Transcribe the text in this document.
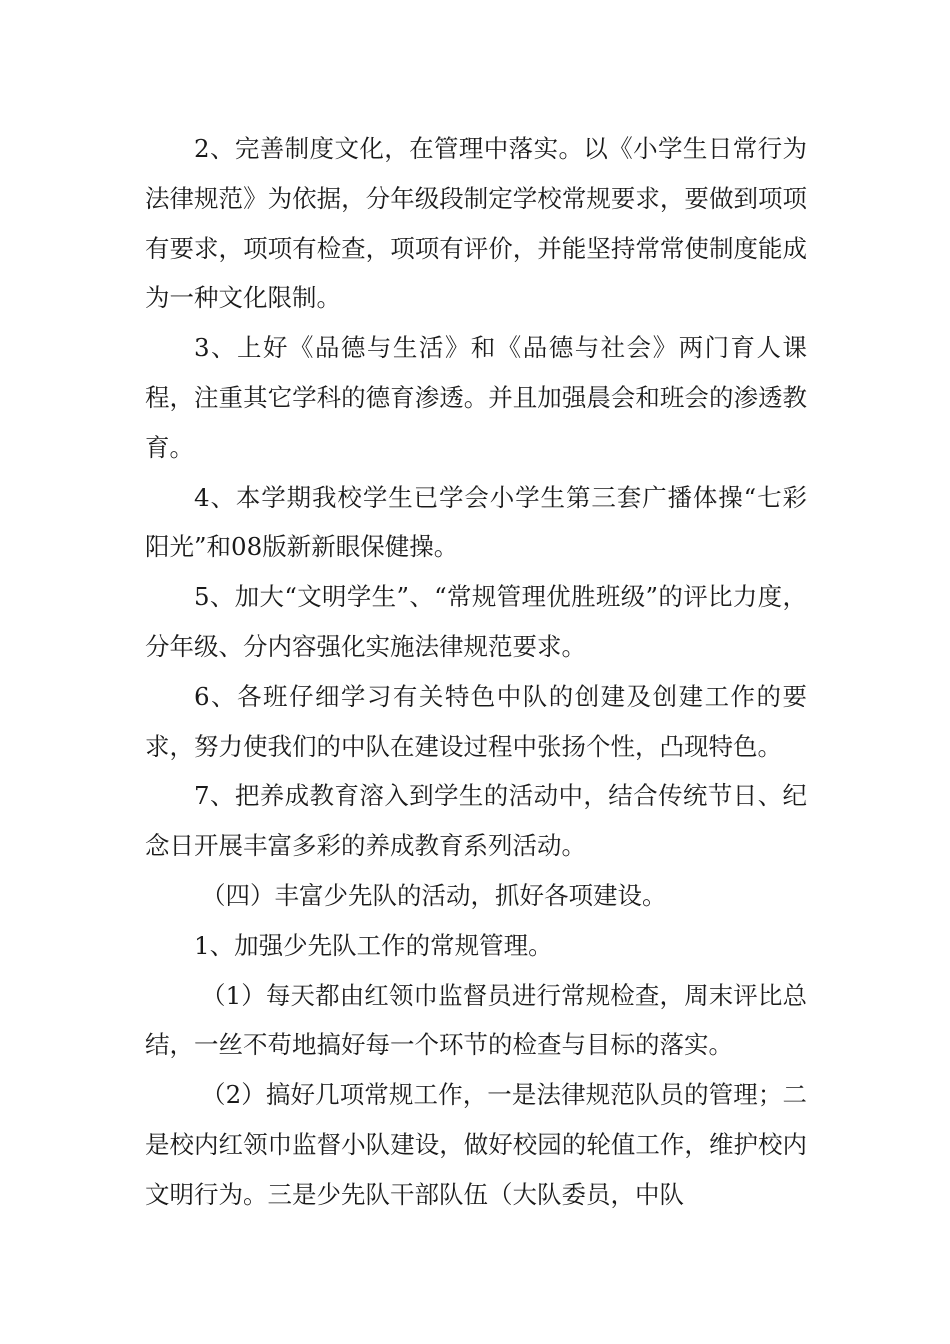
2、完善制度文化，在管理中落实。以《小学生日常行为法律规范》为依据，分年级段制定学校常规要求，要做到项项有要求，项项有检查，项项有评价，并能坚持常常使制度能成为一种文化限制。

3、上好《品德与生活》和《品德与社会》两门育人课程，注重其它学科的德育渗透。并且加强晨会和班会的渗透教育。

4、本学期我校学生已学会小学生第三套广播体操“七彩阳光”和08版新新眼保健操。

5、加大“文明学生”、“常规管理优胜班级”的评比力度，分年级、分内容强化实施法律规范要求。

6、各班仔细学习有关特色中队的创建及创建工作的要求，努力使我们的中队在建设过程中张扬个性，凸现特色。

7、把养成教育溶入到学生的活动中，结合传统节日、纪念日开展丰富多彩的养成教育系列活动。

（四）丰富少先队的活动，抓好各项建设。

1、加强少先队工作的常规管理。

（1）每天都由红领巾监督员进行常规检查，周末评比总结，一丝不苟地搞好每一个环节的检查与目标的落实。

（2）搞好几项常规工作，一是法律规范队员的管理；二是校内红领巾监督小队建设，做好校园的轮值工作，维护校内文明行为。三是少先队干部队伍（大队委员，中队
